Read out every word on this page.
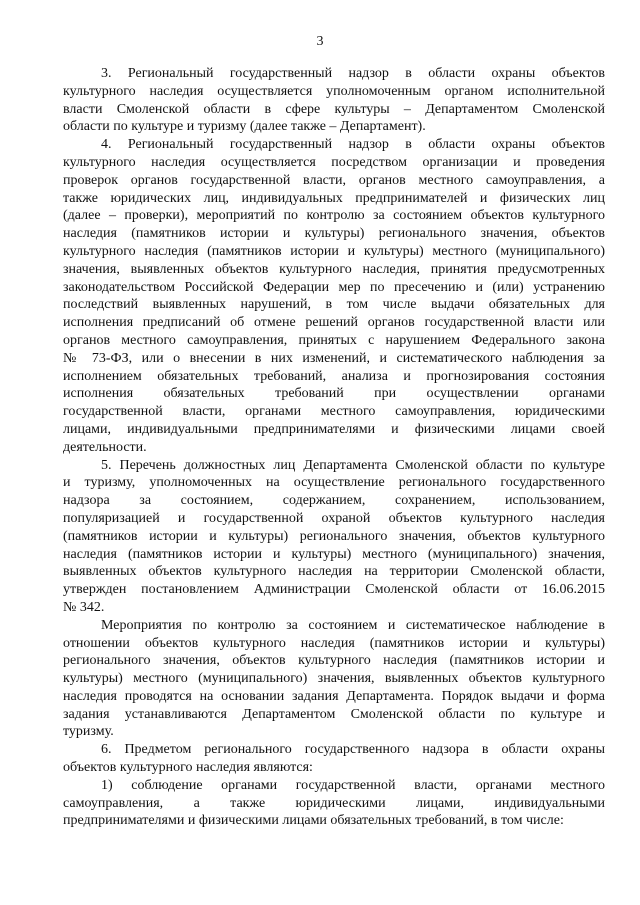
3
3. Региональный государственный надзор в области охраны объектов
культурного наследия осуществляется уполномоченным органом исполнительной
власти Смоленской области в сфере культуры – Департаментом Смоленской
области по культуре и туризму (далее также – Департамент).
4. Региональный государственный надзор в области охраны объектов
культурного наследия осуществляется посредством организации и проведения
проверок органов государственной власти, органов местного самоуправления, а
также юридических лиц, индивидуальных предпринимателей и физических лиц
(далее – проверки), мероприятий по контролю за состоянием объектов культурного
наследия (памятников истории и культуры) регионального значения, объектов
культурного наследия (памятников истории и культуры) местного (муниципального)
значения, выявленных объектов культурного наследия, принятия предусмотренных
законодательством Российской Федерации мер по пресечению и (или) устранению
последствий выявленных нарушений, в том числе выдачи обязательных для
исполнения предписаний об отмене решений органов государственной власти или
органов местного самоуправления, принятых с нарушением Федерального закона
№ 73-ФЗ, или о внесении в них изменений, и систематического наблюдения за
исполнением обязательных требований, анализа и прогнозирования состояния
исполнения обязательных требований при осуществлении органами
государственной власти, органами местного самоуправления, юридическими
лицами, индивидуальными предпринимателями и физическими лицами своей
деятельности.
5. Перечень должностных лиц Департамента Смоленской области по культуре
и туризму, уполномоченных на осуществление регионального государственного
надзора за состоянием, содержанием, сохранением, использованием,
популяризацией и государственной охраной объектов культурного наследия
(памятников истории и культуры) регионального значения, объектов культурного
наследия (памятников истории и культуры) местного (муниципального) значения,
выявленных объектов культурного наследия на территории Смоленской области,
утвержден постановлением Администрации Смоленской области от 16.06.2015
№ 342.
Мероприятия по контролю за состоянием и систематическое наблюдение в
отношении объектов культурного наследия (памятников истории и культуры)
регионального значения, объектов культурного наследия (памятников истории и
культуры) местного (муниципального) значения, выявленных объектов культурного
наследия проводятся на основании задания Департамента. Порядок выдачи и форма
задания устанавливаются Департаментом Смоленской области по культуре и
туризму.
6. Предметом регионального государственного надзора в области охраны
объектов культурного наследия являются:
1) соблюдение органами государственной власти, органами местного
самоуправления, а также юридическими лицами, индивидуальными
предпринимателями и физическими лицами обязательных требований, в том числе:
